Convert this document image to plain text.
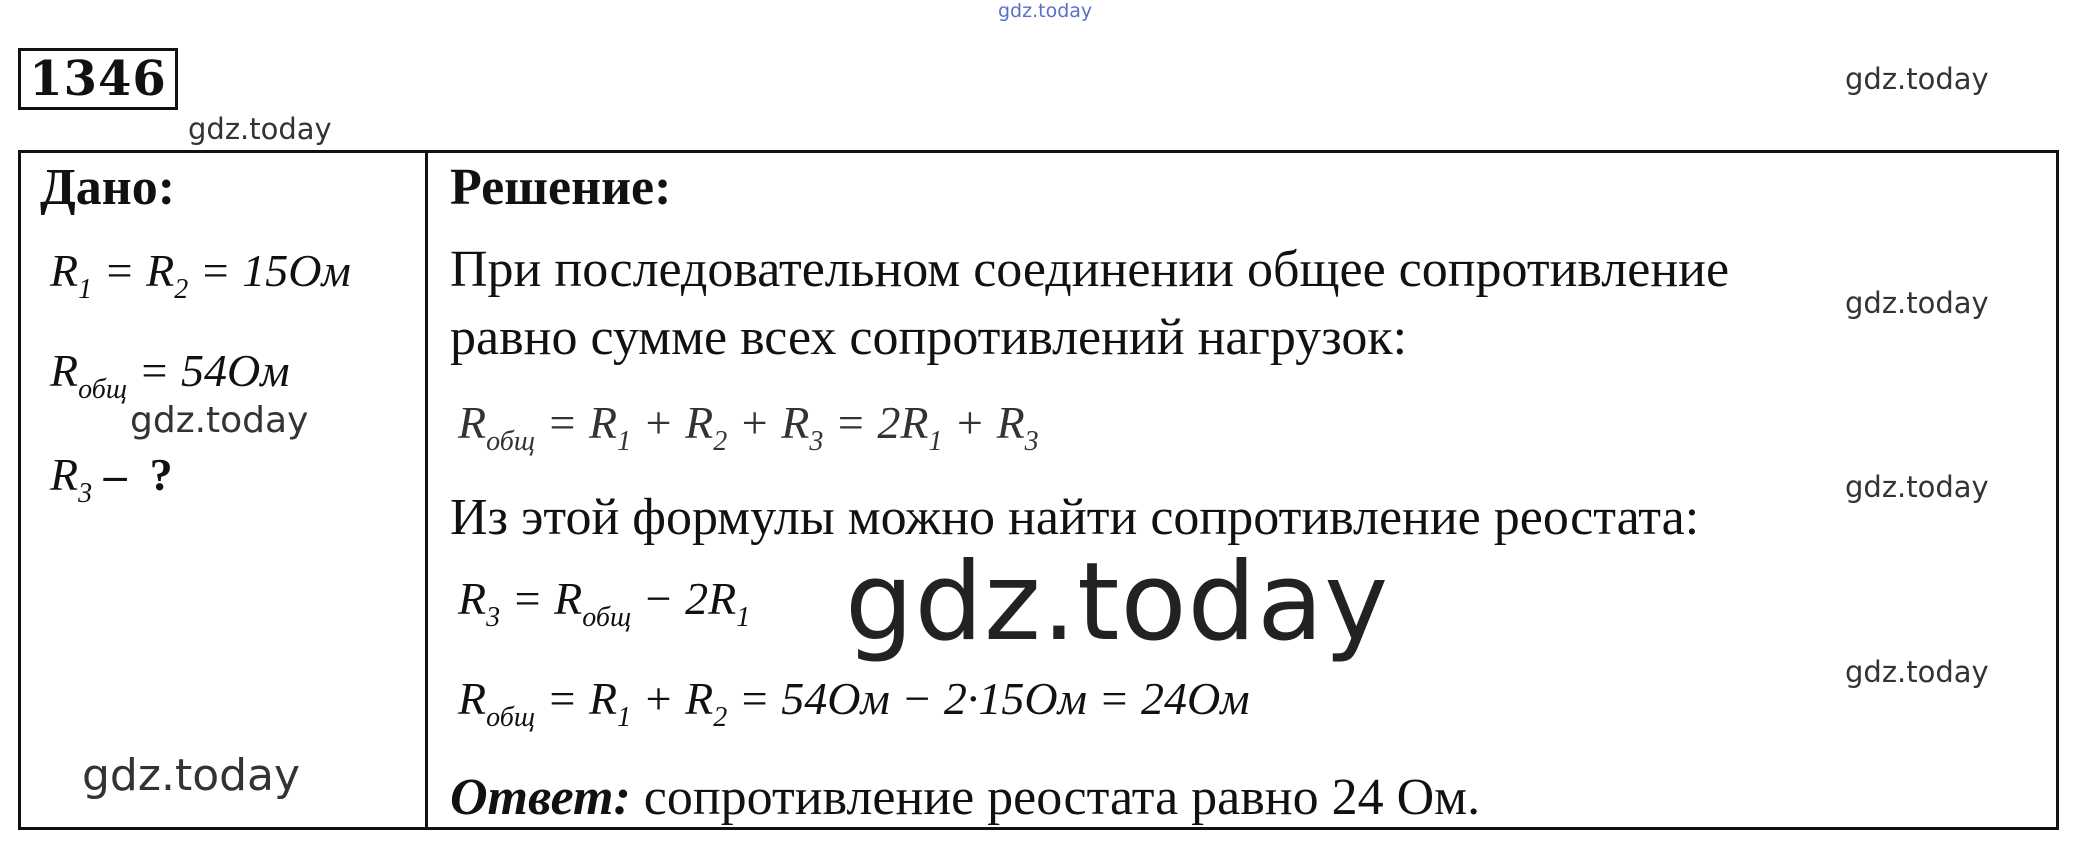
gdz.today
gdz.today
gdz.today
gdz.today
gdz.today
gdz.today
gdz.today
gdz.today
1346
Дано:
$R_1 = R_2 = 15Ом$
$R_{общ} = 54Ом$
$R_3$ –  ?
Решение:
При последовательном соединении общее сопротивление
равно сумме всех сопротивлений нагрузок:
$R_{общ} = R_1 + R_2 + R_3 = 2R_1 + R_3$
Из этой формулы можно найти сопротивление реостата:
$R_3 = R_{общ} - 2R_1$
$R_{общ} = R_1 + R_2 = 54Ом - 2\cdot 15Ом = 24Ом$
Ответ: сопротивление реостата равно 24 Ом.
gdz.today
